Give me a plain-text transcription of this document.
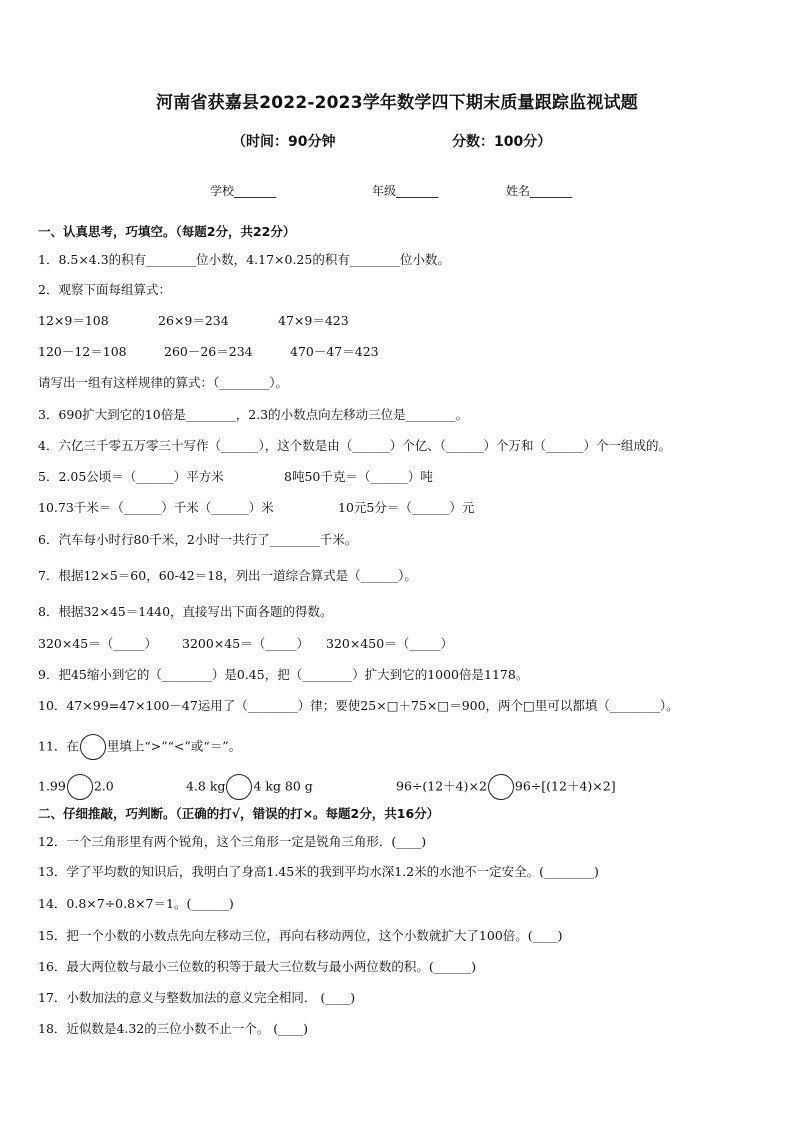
河南省获嘉县2022-2023学年数学四下期末质量跟踪监视试题
（时间：90分钟	分数：100分）
学校_______	年级_______	姓名_______
一、认真思考，巧填空。（每题2分，共22分）
1．8.5×4.3的积有________位小数，4.17×0.25的积有________位小数。
2．观察下面每组算式：
12×9＝108	26×9＝234	47×9＝423
120－12＝108	260－26＝234	470－47＝423
请写出一组有这样规律的算式：（________）。
3．690扩大到它的10倍是________，2.3的小数点向左移动三位是________。
4．六亿三千零五万零三十写作（______），这个数是由（______）个亿、（______）个万和（______）个一组成的。
5．2.05公顷＝（______）平方米	8吨50千克＝（______）吨
10.73千米＝（______）千米（______）米	10元5分＝（______）元
6．汽车每小时行80千米，2小时一共行了________千米。
7．根据12×5＝60，60-42＝18，列出一道综合算式是（______）。
8．根据32×45＝1440，直接写出下面各题的得数。
320×45＝（_____） 3200×45＝（_____） 320×450＝（_____）
9．把45缩小到它的（________）是0.45，把（________）扩大到它的1000倍是1178。
10．47×99=47×100－47运用了（________）律；要使25×□＋75×□＝900，两个□里可以都填（________）。
11．在 里填上“>”“<”或“＝”。
1.99 2.0	4.8 kg 4 kg 80 g	96÷(12＋4)×2 96÷[(12＋4)×2]
二、仔细推敲，巧判断。（正确的打√，错误的打×。每题2分，共16分）
12．一个三角形里有两个锐角，这个三角形一定是锐角三角形．(____)
13．学了平均数的知识后，我明白了身高1.45米的我到平均水深1.2米的水池不一定安全。(________)
14．0.8×7÷0.8×7＝1。(______)
15．把一个小数的小数点先向左移动三位，再向右移动两位，这个小数就扩大了100倍。(____)
16．最大两位数与最小三位数的积等于最大三位数与最小两位数的积。(______)
17．小数加法的意义与整数加法的意义完全相同． (____)
18．近似数是4.32的三位小数不止一个。 (____)
